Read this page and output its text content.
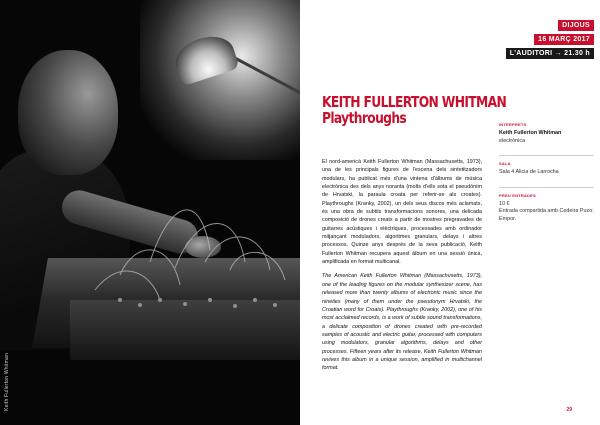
Keith Fullerton Whitman
DIJOUS
16 MARÇ 2017
L'AUDITORI → 21.30 h
KEITH FULLERTON WHITMAN
Playthroughs

El nord-americà Keith Fullerton Whitman (Massachusetts, 1973), una de les principals figures de l'escena dels sintetitzadors modulars, ha publicat més d'una vintena d'àlbums de música electrònica des dels anys noranta (molts d'ells sota el pseudònim de Hrvatski, la paraula croata per referir-se als croates). Playthroughs (Kranky, 2002), un dels seus discos més aclamats, és una obra de subtils transformacions sonores, una delicada composició de drones creats a partir de mostres pregravades de guitarres acústiques i elèctriques, processades amb ordinador mitjançant moduladors, algoritmes granulars, delays i altres processos. Quinze anys després de la seva publicació, Keith Fullerton Whitman recupera aquest àlbum en una sessió única, amplificada en format multicanal.

The American Keith Fullerton Whitman (Massachusetts, 1973), one of the leading figures on the modular synthesizer scene, has released more than twenty albums of electronic music since the nineties (many of them under the pseudonym Hrvatski, the Croatian word for Croats). Playthroughs (Kranky, 2002), one of his most acclaimed records, is a work of subtle sound transformations, a delicate composition of drones created with pre-recorded samples of acoustic and electric guitar, processed with computers using modulators, granular algorithms, delays and other processes. Fifteen years after its release, Keith Fullerton Whitman revives this album in a unique session, amplified in multichannel format.

INTÈRPRETS
Keith Fullerton Whitman
electrònica
SALA
Sala 4 Alicia de Larrocha
PREU ENTRADES
10 €
Entrada compartida amb Cedeira Puzo: Empor.
29
